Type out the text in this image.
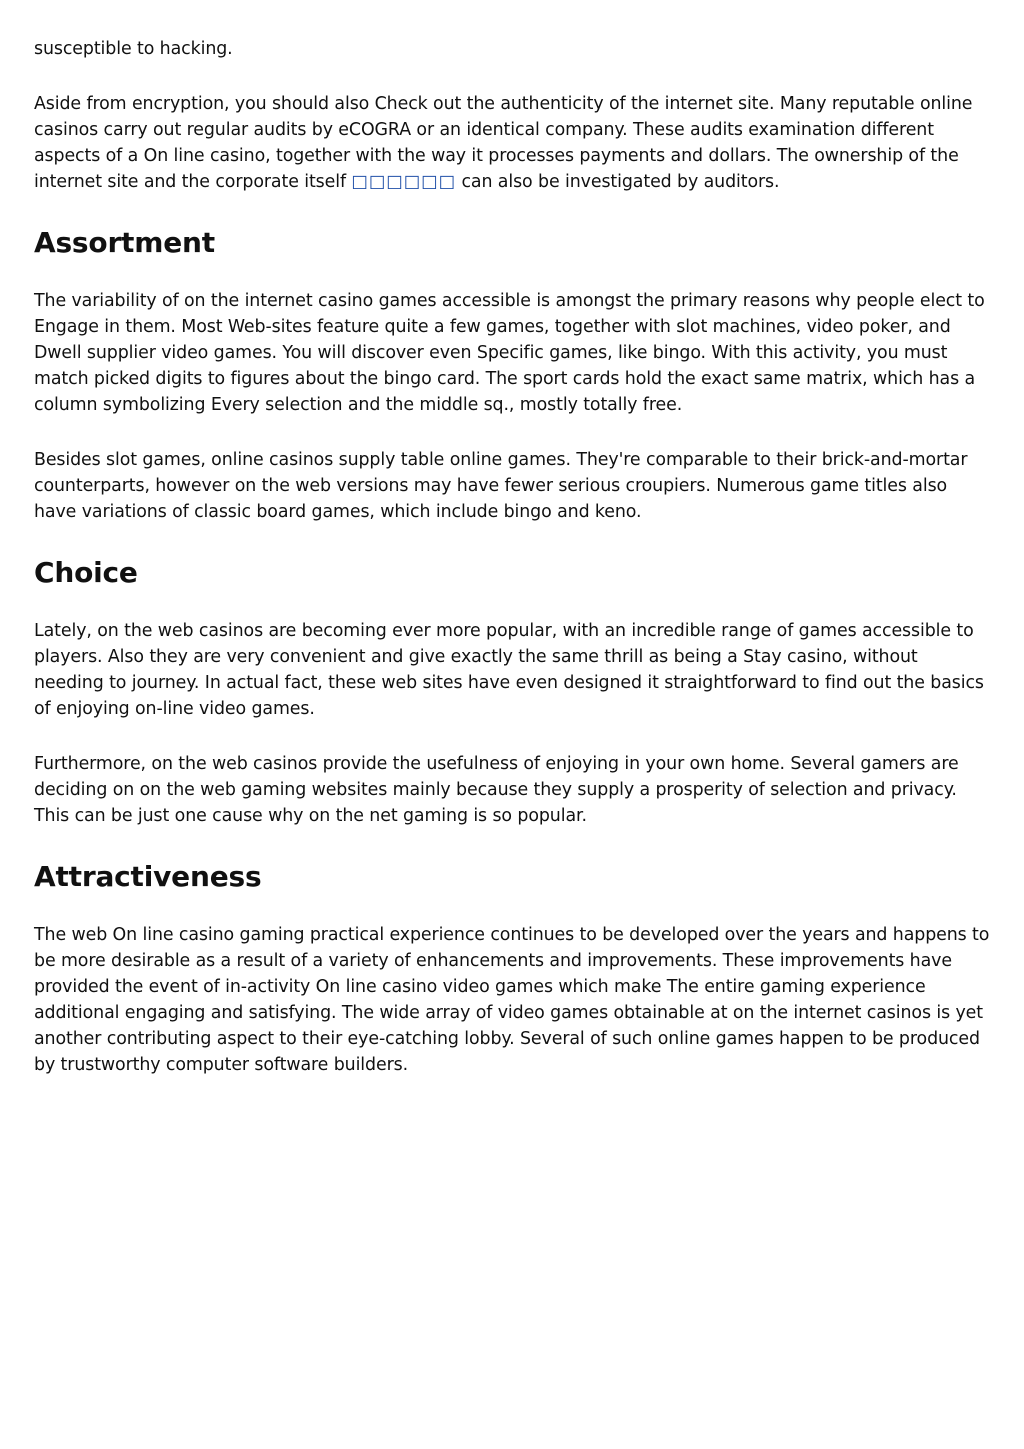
susceptible to hacking.

Aside from encryption, you should also Check out the authenticity of the internet site. Many reputable online casinos carry out regular audits by eCOGRA or an identical company. These audits examination different aspects of a On line casino, together with the way it processes payments and dollars. The ownership of the internet site and the corporate itself □□□□□□ can also be investigated by auditors.

Assortment

The variability of on the internet casino games accessible is amongst the primary reasons why people elect to Engage in them. Most Web-sites feature quite a few games, together with slot machines, video poker, and Dwell supplier video games. You will discover even Specific games, like bingo. With this activity, you must match picked digits to figures about the bingo card. The sport cards hold the exact same matrix, which has a column symbolizing Every selection and the middle sq., mostly totally free.

Besides slot games, online casinos supply table online games. They're comparable to their brick-and-mortar counterparts, however on the web versions may have fewer serious croupiers. Numerous game titles also have variations of classic board games, which include bingo and keno.

Choice

Lately, on the web casinos are becoming ever more popular, with an incredible range of games accessible to players. Also they are very convenient and give exactly the same thrill as being a Stay casino, without needing to journey. In actual fact, these web sites have even designed it straightforward to find out the basics of enjoying on-line video games.

Furthermore, on the web casinos provide the usefulness of enjoying in your own home. Several gamers are deciding on on the web gaming websites mainly because they supply a prosperity of selection and privacy. This can be just one cause why on the net gaming is so popular.

Attractiveness

The web On line casino gaming practical experience continues to be developed over the years and happens to be more desirable as a result of a variety of enhancements and improvements. These improvements have provided the event of in-activity On line casino video games which make The entire gaming experience additional engaging and satisfying. The wide array of video games obtainable at on the internet casinos is yet another contributing aspect to their eye-catching lobby. Several of such online games happen to be produced by trustworthy computer software builders.
